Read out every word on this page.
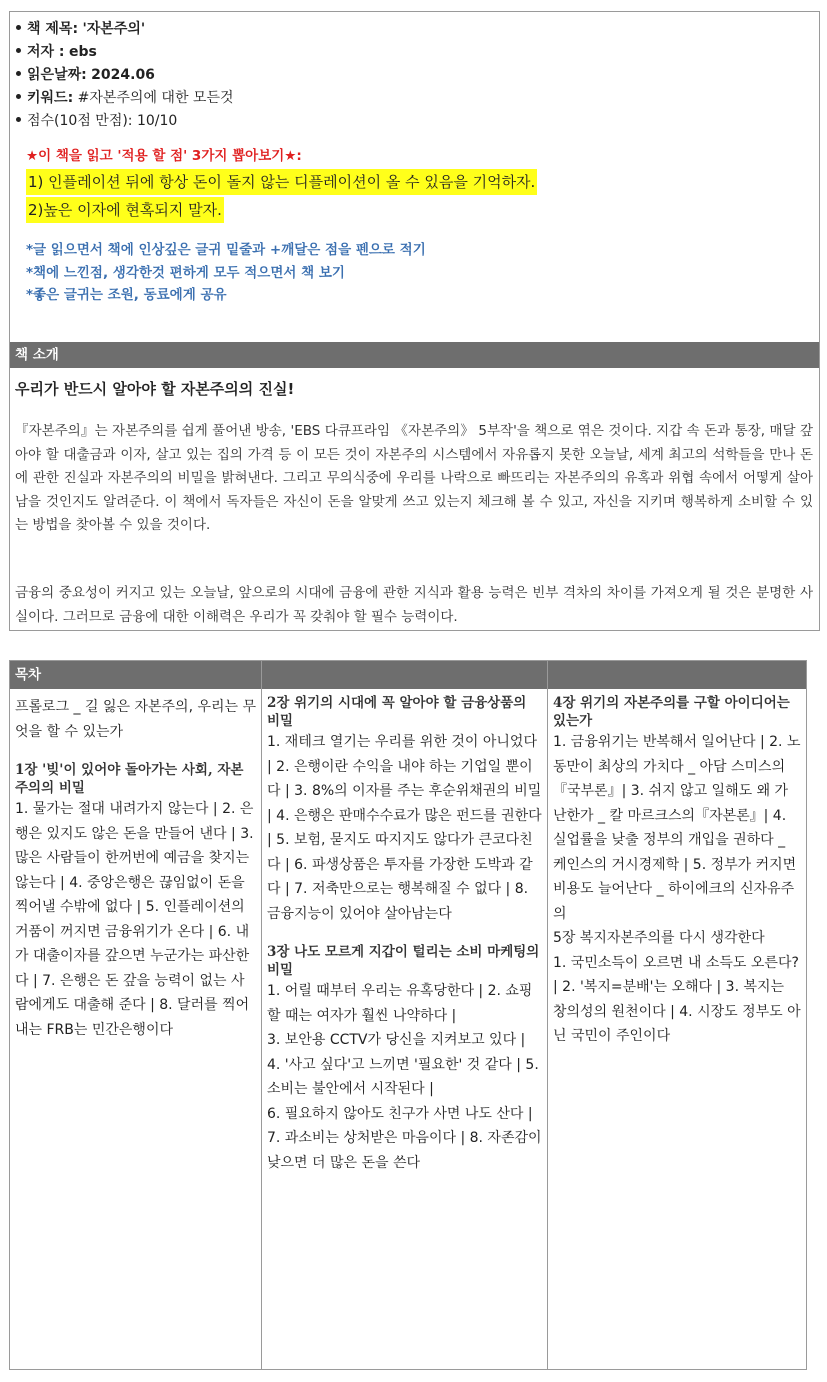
책 제목: '자본주의'
저자 : ebs
읽은날짜: 2024.06
키워드: #자본주의에 대한 모든것
점수(10점 만점): 10/10
★이 책을 읽고 '적용 할 점' 3가지 뽑아보기★:
1) 인플레이션 뒤에 항상 돈이 돌지 않는 디플레이션이 올 수 있음을 기억하자.
2)높은 이자에 현혹되지 말자.
*글 읽으면서 책에 인상깊은 글귀 밑줄과 +깨달은 점을 펜으로 적기
*책에 느낀점, 생각한것 편하게 모두 적으면서 책 보기
*좋은 글귀는 조원, 동료에게 공유
책 소개
우리가 반드시 알아야 할 자본주의의 진실!

『자본주의』는 자본주의를 쉽게 풀어낸 방송, 'EBS 다큐프라임 《자본주의》 5부작'을 책으로 엮은 것이다. 지갑 속 돈과 통장, 매달 갚아야 할 대출금과 이자, 살고 있는 집의 가격 등 이 모든 것이 자본주의 시스템에서 자유롭지 못한 오늘날, 세계 최고의 석학들을 만나 돈에 관한 진실과 자본주의의 비밀을 밝혀낸다. 그리고 무의식중에 우리를 나락으로 빠뜨리는 자본주의의 유혹과 위협 속에서 어떻게 살아남을 것인지도 알려준다. 이 책에서 독자들은 자신이 돈을 알맞게 쓰고 있는지 체크해 볼 수 있고, 자신을 지키며 행복하게 소비할 수 있는 방법을 찾아볼 수 있을 것이다.

금융의 중요성이 커지고 있는 오늘날, 앞으로의 시대에 금융에 관한 지식과 활용 능력은 빈부 격차의 차이를 가져오게 될 것은 분명한 사실이다. 그러므로 금융에 대한 이해력은 우리가 꼭 갖춰야 할 필수 능력이다.

목차

프롤로그 _ 길 잃은 자본주의, 우리는 무엇을 할 수 있는가

1장 '빚'이 있어야 돌아가는 사회, 자본주의의 비밀

1. 물가는 절대 내려가지 않는다 | 2. 은행은 있지도 않은 돈을 만들어 낸다 | 3. 많은 사람들이 한꺼번에 예금을 찾지는 않는다 | 4. 중앙은행은 끊임없이 돈을 찍어낼 수밖에 없다 | 5. 인플레이션의 거품이 꺼지면 금융위기가 온다 | 6. 내가 대출이자를 갚으면 누군가는 파산한다 | 7. 은행은 돈 갚을 능력이 없는 사람에게도 대출해 준다 | 8. 달러를 찍어내는 FRB는 민간은행이다

2장 위기의 시대에 꼭 알아야 할 금융상품의 비밀

1. 재테크 열기는 우리를 위한 것이 아니었다 | 2. 은행이란 수익을 내야 하는 기업일 뿐이다 | 3. 8%의 이자를 주는 후순위채권의 비밀 | 4. 은행은 판매수수료가 많은 펀드를 권한다 | 5. 보험, 묻지도 따지지도 않다가 큰코다친다 | 6. 파생상품은 투자를 가장한 도박과 같다 | 7. 저축만으로는 행복해질 수 없다 | 8. 금융지능이 있어야 살아남는다

3장 나도 모르게 지갑이 털리는 소비 마케팅의 비밀

1. 어릴 때부터 우리는 유혹당한다 | 2. 쇼핑할 때는 여자가 훨씬 나약하다 |

3. 보안용 CCTV가 당신을 지켜보고 있다 |

4. '사고 싶다'고 느끼면 '필요한' 것 같다 | 5. 소비는 불안에서 시작된다 |

6. 필요하지 않아도 친구가 사면 나도 산다 |

7. 과소비는 상처받은 마음이다 | 8. 자존감이 낮으면 더 많은 돈을 쓴다

4장 위기의 자본주의를 구할 아이디어는 있는가

1. 금융위기는 반복해서 일어난다 | 2. 노동만이 최상의 가치다 _ 아담 스미스의『국부론』| 3. 쉬지 않고 일해도 왜 가난한가 _ 칼 마르크스의『자본론』| 4. 실업률을 낮출 정부의 개입을 권하다 _ 케인스의 거시경제학 | 5. 정부가 커지면 비용도 늘어난다 _ 하이에크의 신자유주의

5장 복지자본주의를 다시 생각한다

1. 국민소득이 오르면 내 소득도 오른다? | 2. '복지=분배'는 오해다 | 3. 복지는 창의성의 원천이다 | 4. 시장도 정부도 아닌 국민이 주인이다
